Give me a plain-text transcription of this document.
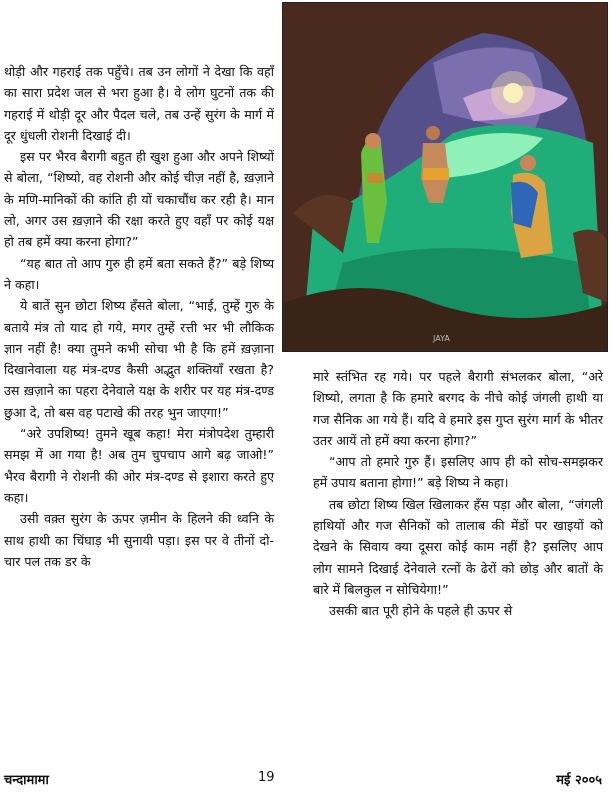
थोड़ी और गहराई तक पहुँचे। तब उन लोगों ने देखा कि वहाँ का सारा प्रदेश जल से भरा हुआ है। वे लोग घुटनों तक की गहराई में थोड़ी दूर और पैदल चले, तब उन्हें सुरंग के मार्ग में दूर धुंधली रोशनी दिखाई दी।

इस पर भैरव बैरागी बहुत ही खुश हुआ और अपने शिष्यों से बोला, “शिष्यो, वह रोशनी और कोई चीज़ नहीं है, ख़ज़ाने के मणि-मानिकों की कांति ही यों चकाचौंध कर रही है। मान लो, अगर उस ख़ज़ाने की रक्षा करते हुए वहाँ पर कोई यक्ष हो तब हमें क्या करना होगा?”

“यह बात तो आप गुरु ही हमें बता सकते हैं?” बड़े शिष्य ने कहा।

ये बातें सुन छोटा शिष्य हँसते बोला, “भाई, तुम्हें गुरु के बताये मंत्र तो याद हो गये, मगर तुम्हें रत्ती भर भी लौकिक ज्ञान नहीं है! क्या तुमने कभी सोचा भी है कि हमें ख़ज़ाना दिखानेवाला यह मंत्र-दण्ड कैसी अद्भुत शक्तियाँ रखता है? उस ख़ज़ाने का पहरा देनेवाले यक्ष के शरीर पर यह मंत्र-दण्ड छुआ दे, तो बस वह पटाखे की तरह भुन जाएगा!”

“अरे उपशिष्य! तुमने खूब कहा! मेरा मंत्रोपदेश तुम्हारी समझ में आ गया है! अब तुम चुपचाप आगे बढ़ जाओ!” भैरव बैरागी ने रोशनी की ओर मंत्र-दण्ड से इशारा करते हुए कहा।

उसी वक़्त सुरंग के ऊपर ज़मीन के हिलने की ध्वनि के साथ हाथी का चिंघाड़ भी सुनायी पड़ा। इस पर वे तीनों दो-चार पल तक डर के

JAYA

मारे स्तंभित रह गये। पर पहले बैरागी संभलकर बोला, “अरे शिष्यो, लगता है कि हमारे बरगद के नीचे कोई जंगली हाथी या गज सैनिक आ गये हैं। यदि वे हमारे इस गुप्त सुरंग मार्ग के भीतर उतर आयें तो हमें क्या करना होगा?”

“आप तो हमारे गुरु हैं। इसलिए आप ही को सोच-समझकर हमें उपाय बताना होगा!” बड़े शिष्य ने कहा।

तब छोटा शिष्य खिल खिलाकर हँस पड़ा और बोला, “जंगली हाथियों और गज सैनिकों को तालाब की मेंडों पर खाइयों को देखने के सिवाय क्या दूसरा कोई काम नहीं है? इसलिए आप लोग सामने दिखाई देनेवाले रत्नों के ढेरों को छोड़ और बातों के बारे में बिलकुल न सोचियेगा!”

उसकी बात पूरी होने के पहले ही ऊपर से

चन्दामामा	19	मई २००५
